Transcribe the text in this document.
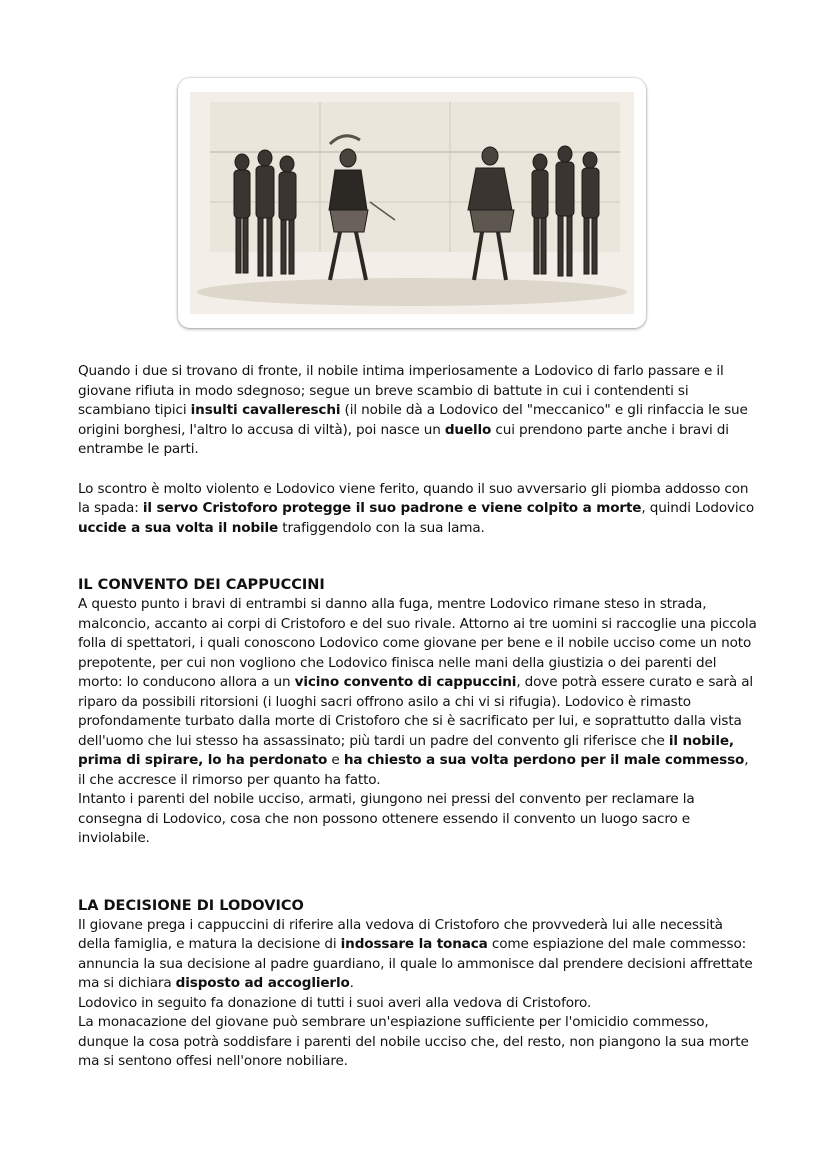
Quando i due si trovano di fronte, il nobile intima imperiosamente a Lodovico di farlo passare e il giovane rifiuta in modo sdegnoso; segue un breve scambio di battute in cui i contendenti si scambiano tipici insulti cavallereschi (il nobile dà a Lodovico del "meccanico" e gli rinfaccia le sue origini borghesi, l'altro lo accusa di viltà), poi nasce un duello cui prendono parte anche i bravi di entrambe le parti.

Lo scontro è molto violento e Lodovico viene ferito, quando il suo avversario gli piomba addosso con la spada: il servo Cristoforo protegge il suo padrone e viene colpito a morte, quindi Lodovico uccide a sua volta il nobile trafiggendolo con la sua lama.

IL CONVENTO DEI CAPPUCCINI

A questo punto i bravi di entrambi si danno alla fuga, mentre Lodovico rimane steso in strada, malconcio, accanto ai corpi di Cristoforo e del suo rivale. Attorno ai tre uomini si raccoglie una piccola folla di spettatori, i quali conoscono Lodovico come giovane per bene e il nobile ucciso come un noto prepotente, per cui non vogliono che Lodovico finisca nelle mani della giustizia o dei parenti del morto: lo conducono allora a un vicino convento di cappuccini, dove potrà essere curato e sarà al riparo da possibili ritorsioni (i luoghi sacri offrono asilo a chi vi si rifugia). Lodovico è rimasto profondamente turbato dalla morte di Cristoforo che si è sacrificato per lui, e soprattutto dalla vista dell'uomo che lui stesso ha assassinato; più tardi un padre del convento gli riferisce che il nobile, prima di spirare, lo ha perdonato e ha chiesto a sua volta perdono per il male commesso, il che accresce il rimorso per quanto ha fatto.

Intanto i parenti del nobile ucciso, armati, giungono nei pressi del convento per reclamare la consegna di Lodovico, cosa che non possono ottenere essendo il convento un luogo sacro e inviolabile.

LA DECISIONE DI LODOVICO

Il giovane prega i cappuccini di riferire alla vedova di Cristoforo che provvederà lui alle necessità della famiglia, e matura la decisione di indossare la tonaca come espiazione del male commesso: annuncia la sua decisione al padre guardiano, il quale lo ammonisce dal prendere decisioni affrettate ma si dichiara disposto ad accoglierlo.

Lodovico in seguito fa donazione di tutti i suoi averi alla vedova di Cristoforo.

La monacazione del giovane può sembrare un'espiazione sufficiente per l'omicidio commesso, dunque la cosa potrà soddisfare i parenti del nobile ucciso che, del resto, non piangono la sua morte ma si sentono offesi nell'onore nobiliare.
